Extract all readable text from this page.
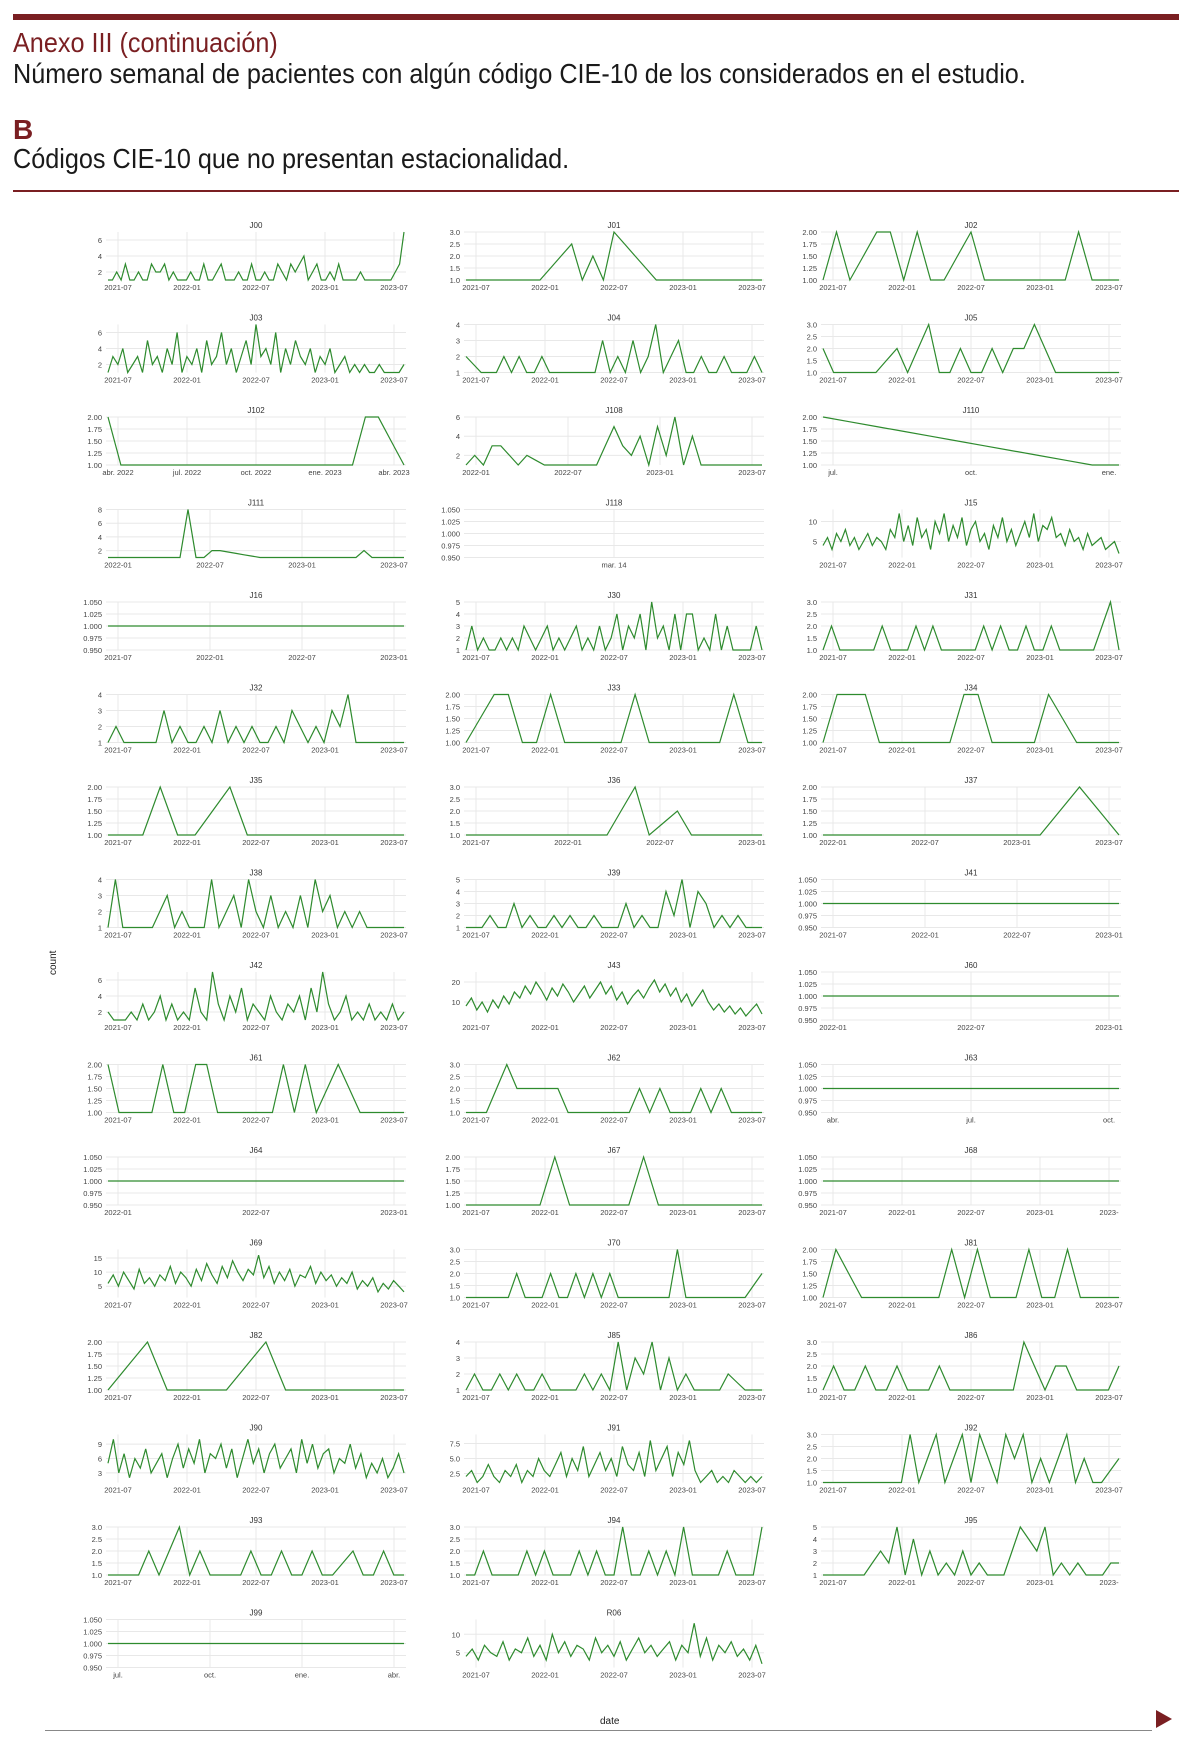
Anexo III (continuación)
Número semanal de pacientes con algún código CIE-10 de los considerados en el estudio.
B
Códigos CIE-10 que no presentan estacionalidad.
J00
2
4
6
2021-07	2022-01	2022-07	2023-01	2023-07
J01
1.0
1.5
2.0
2.5
3.0
2021-07	2022-01	2022-07	2023-01	2023-07
J02
1.00
1.25
1.50
1.75
2.00
2021-07	2022-01	2022-07	2023-01	2023-07
J03
2
4
6
2021-07	2022-01	2022-07	2023-01	2023-07
J04
1
2
3
4
2021-07	2022-01	2022-07	2023-01	2023-07
J05
1.0
1.5
2.0
2.5
3.0
2021-07	2022-01	2022-07	2023-01	2023-07
J102
1.00
1.25
1.50
1.75
2.00
abr. 2022	jul. 2022	oct. 2022	ene. 2023	abr. 2023
J108
2
4
6
2022-01	2022-07	2023-01	2023-07
J110
1.00
1.25
1.50
1.75
2.00
jul.	oct.	ene.
J111
2
4
6
8
2022-01	2022-07	2023-01	2023-07
J118
0.950
0.975
1.000
1.025
1.050
mar. 14
J15
5
10
2021-07	2022-01	2022-07	2023-01	2023-07
J16
0.950
0.975
1.000
1.025
1.050
2021-07	2022-01	2022-07	2023-01
J30
1
2
3
4
5
2021-07	2022-01	2022-07	2023-01	2023-07
J31
1.0
1.5
2.0
2.5
3.0
2021-07	2022-01	2022-07	2023-01	2023-07
J32
1
2
3
4
2021-07	2022-01	2022-07	2023-01	2023-07
J33
1.00
1.25
1.50
1.75
2.00
2021-07	2022-01	2022-07	2023-01	2023-07
J34
1.00
1.25
1.50
1.75
2.00
2021-07	2022-01	2022-07	2023-01	2023-07
J35
1.00
1.25
1.50
1.75
2.00
2021-07	2022-01	2022-07	2023-01	2023-07
J36
1.0
1.5
2.0
2.5
3.0
2021-07	2022-01	2022-07	2023-01
J37
1.00
1.25
1.50
1.75
2.00
2022-01	2022-07	2023-01	2023-07
J38
1
2
3
4
2021-07	2022-01	2022-07	2023-01	2023-07
J39
1
2
3
4
5
2021-07	2022-01	2022-07	2023-01	2023-07
J41
0.950
0.975
1.000
1.025
1.050
2021-07	2022-01	2022-07	2023-01
J42
2
4
6
2021-07	2022-01	2022-07	2023-01	2023-07
J43
10
20
2021-07	2022-01	2022-07	2023-01	2023-07
J60
0.950
0.975
1.000
1.025
1.050
2022-01	2022-07	2023-01
J61
1.00
1.25
1.50
1.75
2.00
2021-07	2022-01	2022-07	2023-01	2023-07
J62
1.0
1.5
2.0
2.5
3.0
2021-07	2022-01	2022-07	2023-01	2023-07
J63
0.950
0.975
1.000
1.025
1.050
abr.	jul.	oct.
J64
0.950
0.975
1.000
1.025
1.050
2022-01	2022-07	2023-01
J67
1.00
1.25
1.50
1.75
2.00
2021-07	2022-01	2022-07	2023-01	2023-07
J68
0.950
0.975
1.000
1.025
1.050
2021-07	2022-01	2022-07	2023-01	2023-
J69
5
10
15
2021-07	2022-01	2022-07	2023-01	2023-07
J70
1.0
1.5
2.0
2.5
3.0
2021-07	2022-01	2022-07	2023-01	2023-07
J81
1.00
1.25
1.50
1.75
2.00
2021-07	2022-01	2022-07	2023-01	2023-07
J82
1.00
1.25
1.50
1.75
2.00
2021-07	2022-01	2022-07	2023-01	2023-07
J85
1
2
3
4
2021-07	2022-01	2022-07	2023-01	2023-07
J86
1.0
1.5
2.0
2.5
3.0
2021-07	2022-01	2022-07	2023-01	2023-07
J90
3
6
9
2021-07	2022-01	2022-07	2023-01	2023-07
J91
2.5
5.0
7.5
2021-07	2022-01	2022-07	2023-01	2023-07
J92
1.0
1.5
2.0
2.5
3.0
2021-07	2022-01	2022-07	2023-01	2023-07
J93
1.0
1.5
2.0
2.5
3.0
2021-07	2022-01	2022-07	2023-01	2023-07
J94
1.0
1.5
2.0
2.5
3.0
2021-07	2022-01	2022-07	2023-01	2023-07
J95
1
2
3
4
5
2021-07	2022-01	2022-07	2023-01	2023-
J99
0.950
0.975
1.000
1.025
1.050
jul.	oct.	ene.	abr.
R06
5
10
2021-07	2022-01	2022-07	2023-01	2023-07
count
date
